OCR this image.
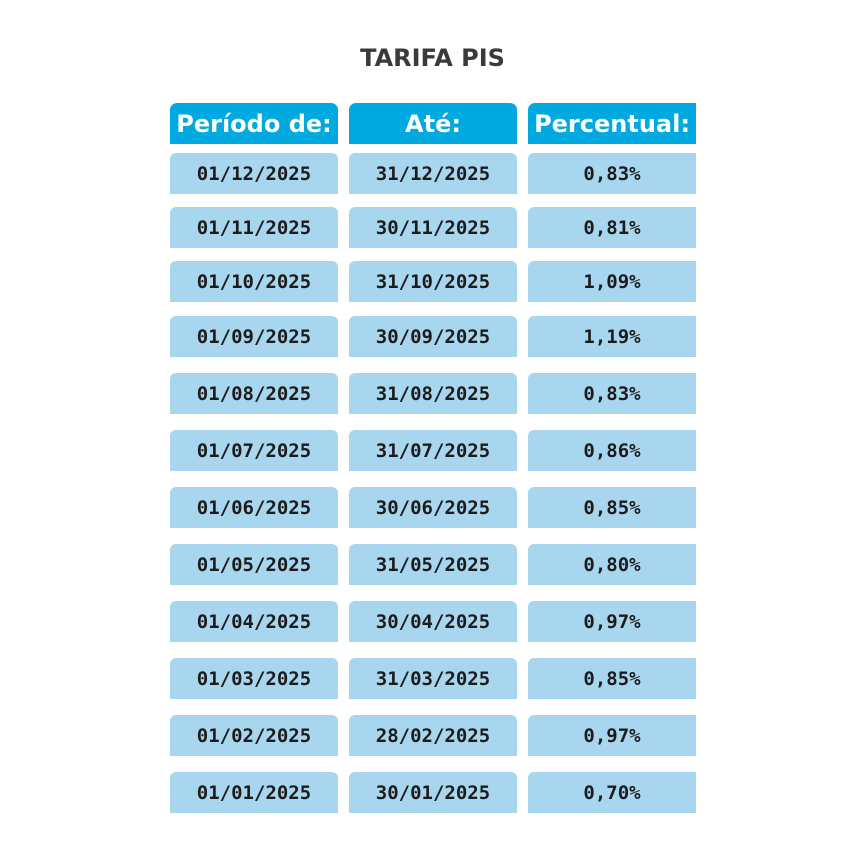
TARIFA PIS
Período de:	Até:	Percentual:
01/12/2025	31/12/2025	0,83%
01/11/2025	30/11/2025	0,81%
01/10/2025	31/10/2025	1,09%
01/09/2025	30/09/2025	1,19%
01/08/2025	31/08/2025	0,83%
01/07/2025	31/07/2025	0,86%
01/06/2025	30/06/2025	0,85%
01/05/2025	31/05/2025	0,80%
01/04/2025	30/04/2025	0,97%
01/03/2025	31/03/2025	0,85%
01/02/2025	28/02/2025	0,97%
01/01/2025	30/01/2025	0,70%
